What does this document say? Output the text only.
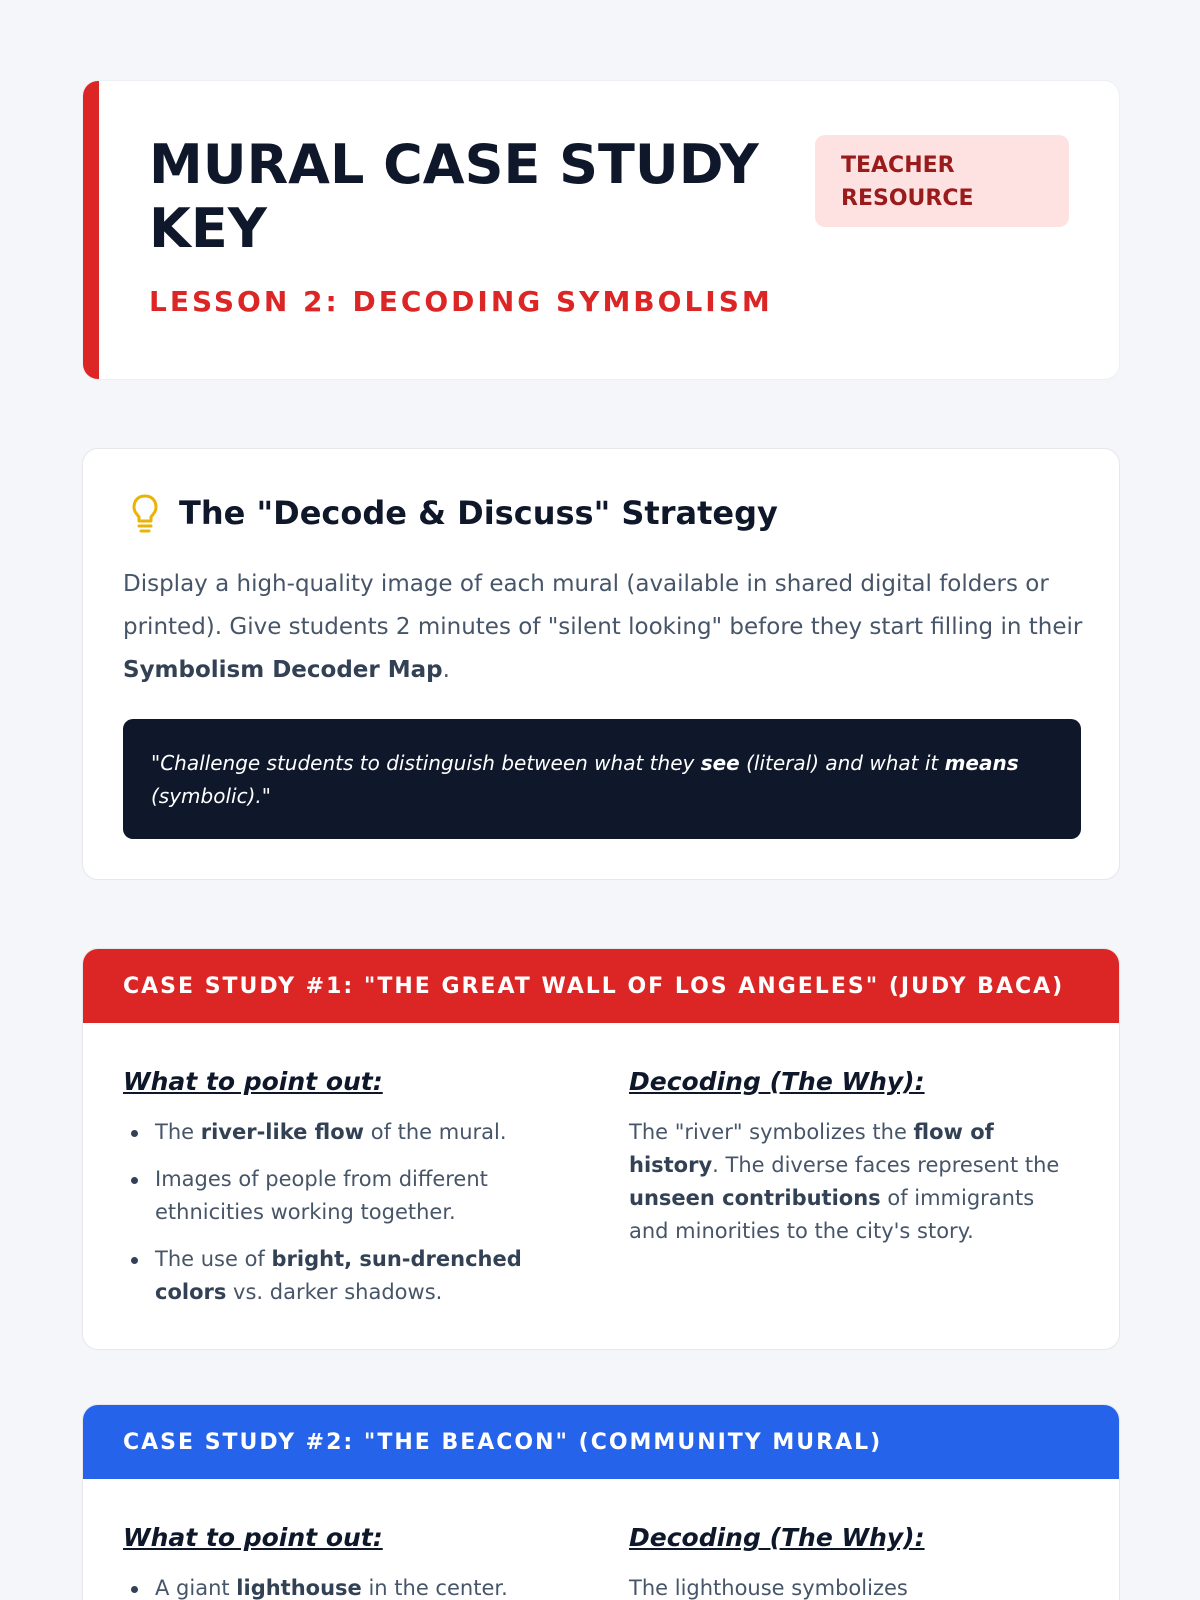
MURAL CASE STUDY KEY
LESSON 2: DECODING SYMBOLISM
TEACHER RESOURCE
The "Decode & Discuss" Strategy

Display a high-quality image of each mural (available in shared digital folders or printed). Give students 2 minutes of "silent looking" before they start filling in their Symbolism Decoder Map.

"Challenge students to distinguish between what they see (literal) and what it means (symbolic)."
CASE STUDY #1: "THE GREAT WALL OF LOS ANGELES" (JUDY BACA)
What to point out:
The river-like flow of the mural.
Images of people from different ethnicities working together.
The use of bright, sun-drenched colors vs. darker shadows.
Decoding (The Why):

The "river" symbolizes the flow of history. The diverse faces represent the unseen contributions of immigrants and minorities to the city's story.

CASE STUDY #2: "THE BEACON" (COMMUNITY MURAL)
What to point out:
A giant lighthouse in the center.
Decoding (The Why):

The lighthouse symbolizes
